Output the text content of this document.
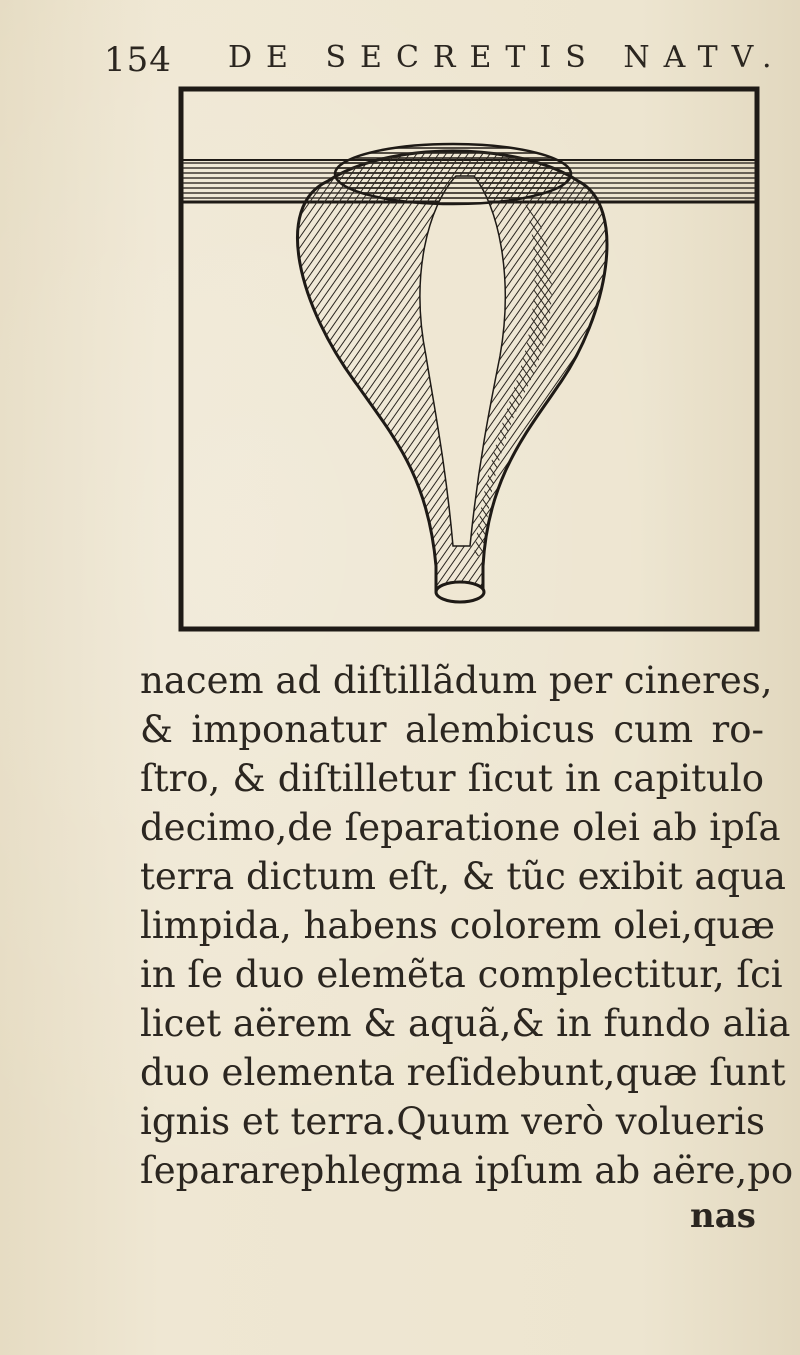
154 DE SECRETIS NATV.
nacem ad diſtillãdum per cineres,
& imponatur alembicus cum ro-
ſtro, & diſtilletur ſicut in capitulo
decimo,de ſeparatione olei ab ipſa
terra dictum eſt, & tũc exibit aqua
limpida, habens colorem olei,quæ
in ſe duo elemẽta complectitur, ſci
licet aërem & aquã,& in fundo alia
duo elementa reſidebunt,quæ ſunt
ignis et terra.Quum verò volueris
ſepararephlegma ipſum ab aëre,po
nas
